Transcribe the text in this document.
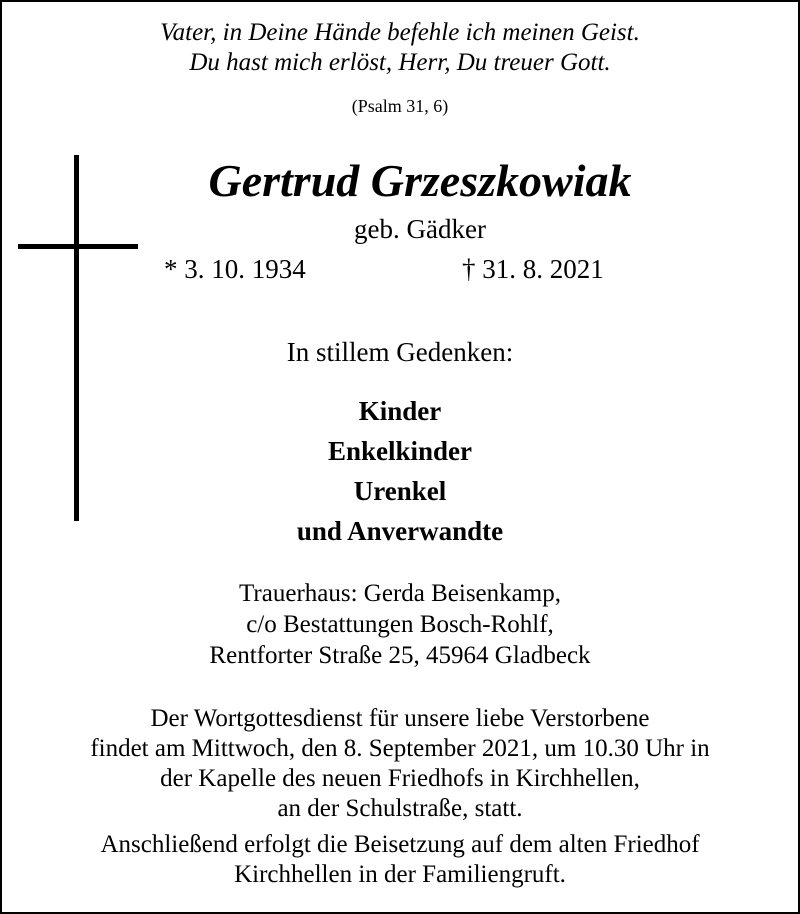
Vater, in Deine Hände befehle ich meinen Geist.
Du hast mich erlöst, Herr, Du treuer Gott.
(Psalm 31, 6)
Gertrud Grzeszkowiak
geb. Gädker
* 3. 10. 1934	† 31. 8. 2021
In stillem Gedenken:
Kinder
Enkelkinder
Urenkel
und Anverwandte
Trauerhaus: Gerda Beisenkamp,
c/o Bestattungen Bosch-Rohlf,
Rentforter Straße 25, 45964 Gladbeck
Der Wortgottesdienst für unsere liebe Verstorbene
findet am Mittwoch, den 8. September 2021, um 10.30 Uhr in
der Kapelle des neuen Friedhofs in Kirchhellen,
an der Schulstraße, statt.
Anschließend erfolgt die Beisetzung auf dem alten Friedhof
Kirchhellen in der Familiengruft.
